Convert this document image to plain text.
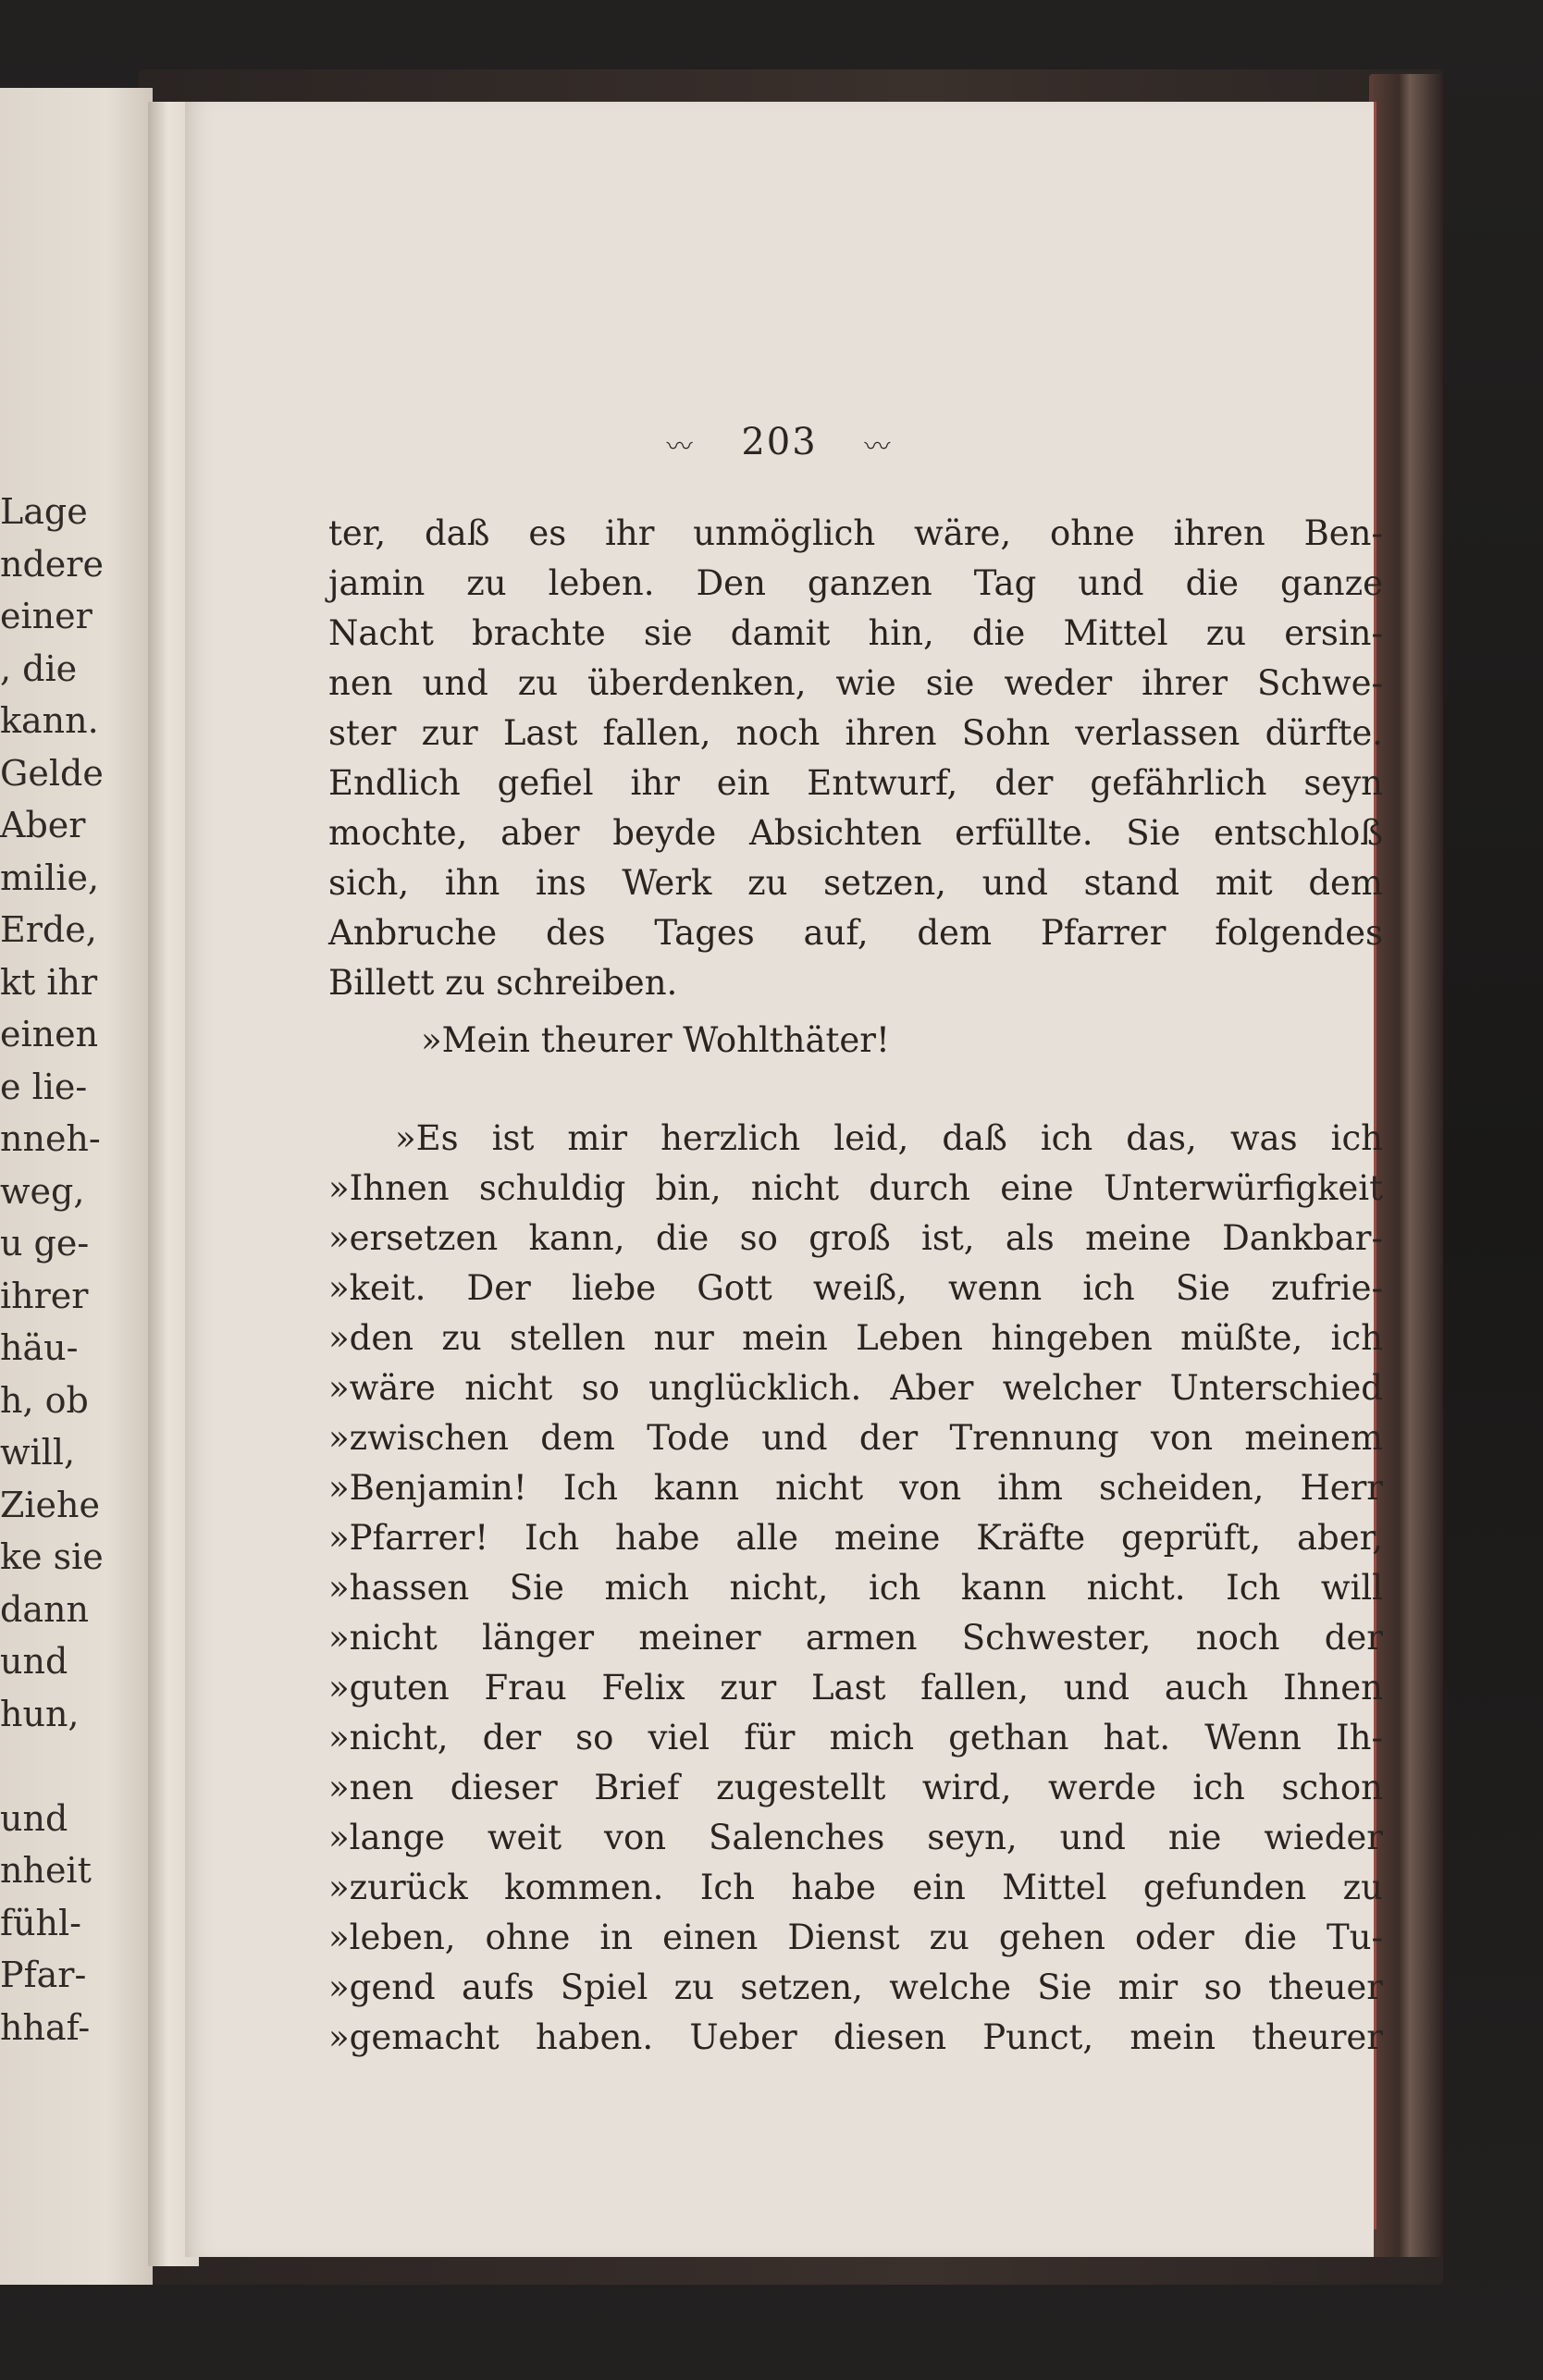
Lage
ndere
einer
, die
kann.
Gelde
Aber
milie,
Erde,
kt ihr
einen
e lie-
nneh-
weg,
u ge-
ihrer
häu-
h, ob
will,
Ziehe
ke sie
dann
und
hun,
und
nheit
fühl-
Pfar-
hhaf-
〰 203 〰
ter, daß es ihr unmöglich wäre, ohne ihren Ben-
jamin zu leben. Den ganzen Tag und die ganze
Nacht brachte sie damit hin, die Mittel zu ersin-
nen und zu überdenken, wie sie weder ihrer Schwe-
ster zur Last fallen, noch ihren Sohn verlassen dürfte.
Endlich gefiel ihr ein Entwurf, der gefährlich seyn
mochte, aber beyde Absichten erfüllte. Sie entschloß
sich, ihn ins Werk zu setzen, und stand mit dem
Anbruche des Tages auf, dem Pfarrer folgendes
Billett zu schreiben.
»Mein theurer Wohlthäter!
»Es ist mir herzlich leid, daß ich das, was ich
»Ihnen schuldig bin, nicht durch eine Unterwürfigkeit
»ersetzen kann, die so groß ist, als meine Dankbar-
»keit. Der liebe Gott weiß, wenn ich Sie zufrie-
»den zu stellen nur mein Leben hingeben müßte, ich
»wäre nicht so unglücklich. Aber welcher Unterschied
»zwischen dem Tode und der Trennung von meinem
»Benjamin! Ich kann nicht von ihm scheiden, Herr
»Pfarrer! Ich habe alle meine Kräfte geprüft, aber,
»hassen Sie mich nicht, ich kann nicht. Ich will
»nicht länger meiner armen Schwester, noch der
»guten Frau Felix zur Last fallen, und auch Ihnen
»nicht, der so viel für mich gethan hat. Wenn Ih-
»nen dieser Brief zugestellt wird, werde ich schon
»lange weit von Salenches seyn, und nie wieder
»zurück kommen. Ich habe ein Mittel gefunden zu
»leben, ohne in einen Dienst zu gehen oder die Tu-
»gend aufs Spiel zu setzen, welche Sie mir so theuer
»gemacht haben. Ueber diesen Punct, mein theurer
